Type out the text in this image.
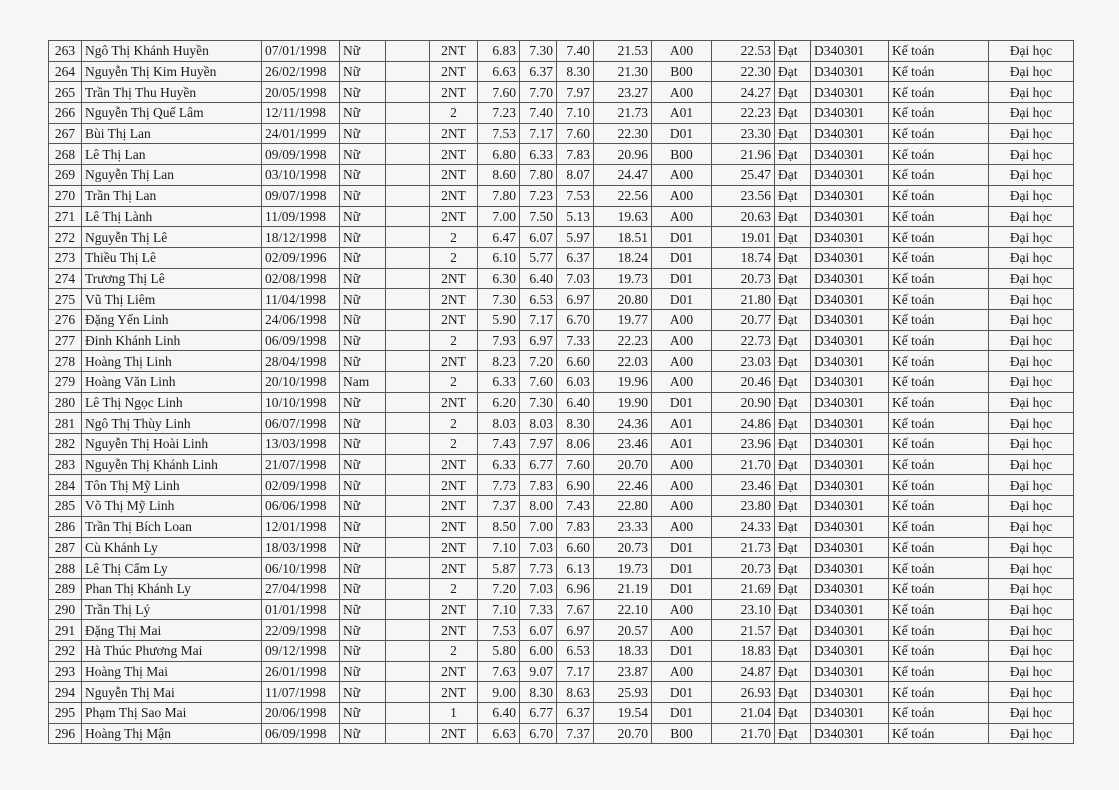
263	Ngô Thị Khánh Huyền	07/01/1998	Nữ		2NT	6.83	7.30	7.40	21.53	A00	22.53	Đạt	D340301	Kế toán	Đại học
264	Nguyễn Thị Kim Huyền	26/02/1998	Nữ		2NT	6.63	6.37	8.30	21.30	B00	22.30	Đạt	D340301	Kế toán	Đại học
265	Trần Thị Thu Huyền	20/05/1998	Nữ		2NT	7.60	7.70	7.97	23.27	A00	24.27	Đạt	D340301	Kế toán	Đại học
266	Nguyễn Thị Quế Lâm	12/11/1998	Nữ		2	7.23	7.40	7.10	21.73	A01	22.23	Đạt	D340301	Kế toán	Đại học
267	Bùi Thị Lan	24/01/1999	Nữ		2NT	7.53	7.17	7.60	22.30	D01	23.30	Đạt	D340301	Kế toán	Đại học
268	Lê Thị Lan	09/09/1998	Nữ		2NT	6.80	6.33	7.83	20.96	B00	21.96	Đạt	D340301	Kế toán	Đại học
269	Nguyễn Thị Lan	03/10/1998	Nữ		2NT	8.60	7.80	8.07	24.47	A00	25.47	Đạt	D340301	Kế toán	Đại học
270	Trần Thị Lan	09/07/1998	Nữ		2NT	7.80	7.23	7.53	22.56	A00	23.56	Đạt	D340301	Kế toán	Đại học
271	Lê Thị Lành	11/09/1998	Nữ		2NT	7.00	7.50	5.13	19.63	A00	20.63	Đạt	D340301	Kế toán	Đại học
272	Nguyễn Thị Lê	18/12/1998	Nữ		2	6.47	6.07	5.97	18.51	D01	19.01	Đạt	D340301	Kế toán	Đại học
273	Thiều Thị Lê	02/09/1996	Nữ		2	6.10	5.77	6.37	18.24	D01	18.74	Đạt	D340301	Kế toán	Đại học
274	Trương Thị Lê	02/08/1998	Nữ		2NT	6.30	6.40	7.03	19.73	D01	20.73	Đạt	D340301	Kế toán	Đại học
275	Vũ Thị Liêm	11/04/1998	Nữ		2NT	7.30	6.53	6.97	20.80	D01	21.80	Đạt	D340301	Kế toán	Đại học
276	Đặng Yến Linh	24/06/1998	Nữ		2NT	5.90	7.17	6.70	19.77	A00	20.77	Đạt	D340301	Kế toán	Đại học
277	Đinh Khánh Linh	06/09/1998	Nữ		2	7.93	6.97	7.33	22.23	A00	22.73	Đạt	D340301	Kế toán	Đại học
278	Hoàng Thị Linh	28/04/1998	Nữ		2NT	8.23	7.20	6.60	22.03	A00	23.03	Đạt	D340301	Kế toán	Đại học
279	Hoàng Văn Linh	20/10/1998	Nam		2	6.33	7.60	6.03	19.96	A00	20.46	Đạt	D340301	Kế toán	Đại học
280	Lê Thị Ngọc Linh	10/10/1998	Nữ		2NT	6.20	7.30	6.40	19.90	D01	20.90	Đạt	D340301	Kế toán	Đại học
281	Ngô Thị Thùy Linh	06/07/1998	Nữ		2	8.03	8.03	8.30	24.36	A01	24.86	Đạt	D340301	Kế toán	Đại học
282	Nguyễn Thị Hoài Linh	13/03/1998	Nữ		2	7.43	7.97	8.06	23.46	A01	23.96	Đạt	D340301	Kế toán	Đại học
283	Nguyễn Thị Khánh Linh	21/07/1998	Nữ		2NT	6.33	6.77	7.60	20.70	A00	21.70	Đạt	D340301	Kế toán	Đại học
284	Tôn Thị Mỹ Linh	02/09/1998	Nữ		2NT	7.73	7.83	6.90	22.46	A00	23.46	Đạt	D340301	Kế toán	Đại học
285	Võ Thị Mỹ Linh	06/06/1998	Nữ		2NT	7.37	8.00	7.43	22.80	A00	23.80	Đạt	D340301	Kế toán	Đại học
286	Trần Thị Bích Loan	12/01/1998	Nữ		2NT	8.50	7.00	7.83	23.33	A00	24.33	Đạt	D340301	Kế toán	Đại học
287	Cù Khánh Ly	18/03/1998	Nữ		2NT	7.10	7.03	6.60	20.73	D01	21.73	Đạt	D340301	Kế toán	Đại học
288	Lê Thị Cẩm Ly	06/10/1998	Nữ		2NT	5.87	7.73	6.13	19.73	D01	20.73	Đạt	D340301	Kế toán	Đại học
289	Phan Thị Khánh Ly	27/04/1998	Nữ		2	7.20	7.03	6.96	21.19	D01	21.69	Đạt	D340301	Kế toán	Đại học
290	Trần Thị Lý	01/01/1998	Nữ		2NT	7.10	7.33	7.67	22.10	A00	23.10	Đạt	D340301	Kế toán	Đại học
291	Đặng Thị Mai	22/09/1998	Nữ		2NT	7.53	6.07	6.97	20.57	A00	21.57	Đạt	D340301	Kế toán	Đại học
292	Hà Thúc Phương Mai	09/12/1998	Nữ		2	5.80	6.00	6.53	18.33	D01	18.83	Đạt	D340301	Kế toán	Đại học
293	Hoàng Thị Mai	26/01/1998	Nữ		2NT	7.63	9.07	7.17	23.87	A00	24.87	Đạt	D340301	Kế toán	Đại học
294	Nguyễn Thị Mai	11/07/1998	Nữ		2NT	9.00	8.30	8.63	25.93	D01	26.93	Đạt	D340301	Kế toán	Đại học
295	Phạm Thị Sao Mai	20/06/1998	Nữ		1	6.40	6.77	6.37	19.54	D01	21.04	Đạt	D340301	Kế toán	Đại học
296	Hoàng Thị Mận	06/09/1998	Nữ		2NT	6.63	6.70	7.37	20.70	B00	21.70	Đạt	D340301	Kế toán	Đại học
